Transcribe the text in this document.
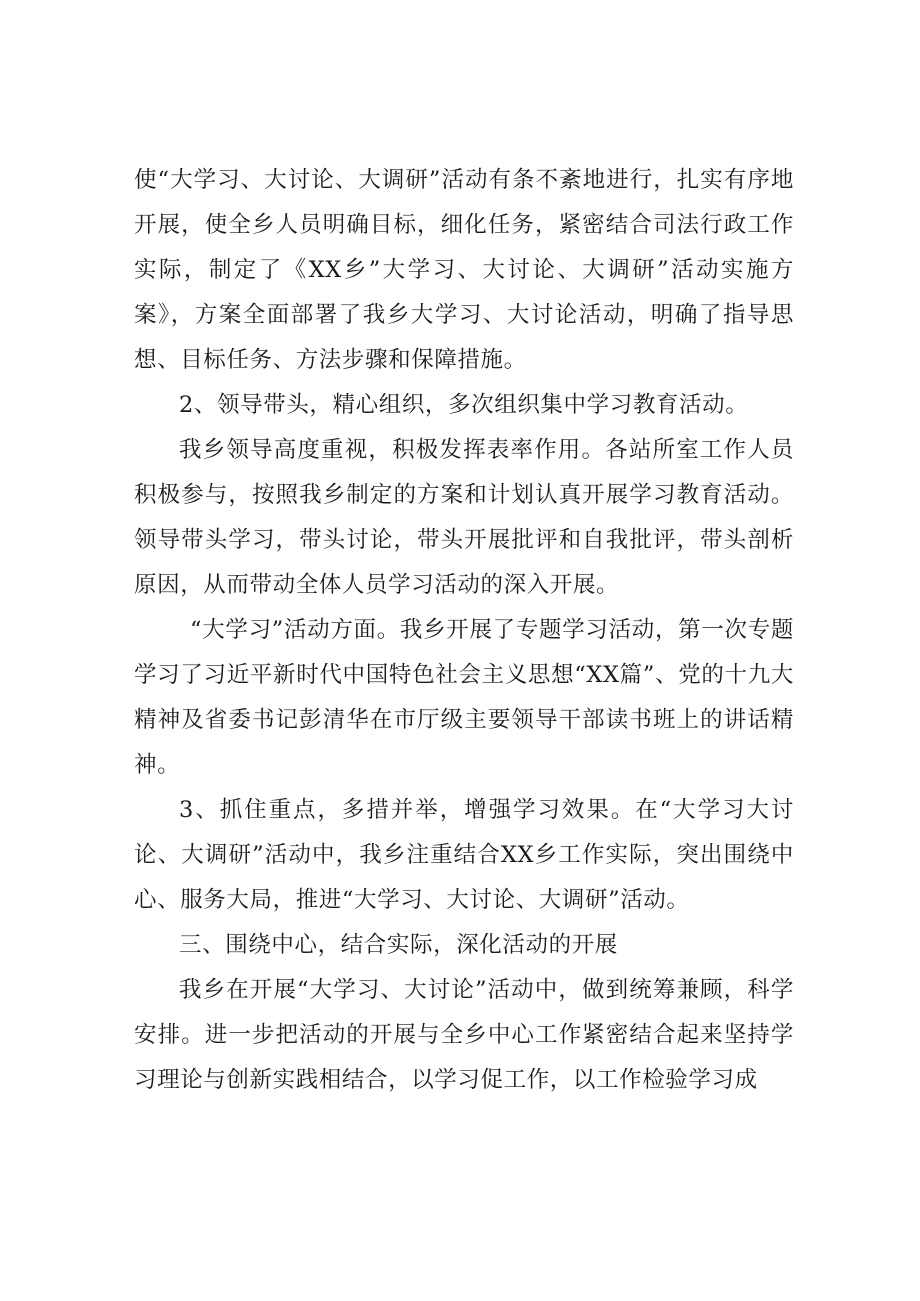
使“大学习、大讨论、大调研”活动有条不紊地进行，扎实有序地开展，使全乡人员明确目标，细化任务，紧密结合司法行政工作实际，制定了《XX乡”大学习、大讨论、大调研”活动实施方案》，方案全面部署了我乡大学习、大讨论活动，明确了指导思想、目标任务、方法步骤和保障措施。

2、领导带头，精心组织，多次组织集中学习教育活动。

我乡领导高度重视，积极发挥表率作用。各站所室工作人员积极参与，按照我乡制定的方案和计划认真开展学习教育活动。领导带头学习，带头讨论，带头开展批评和自我批评，带头剖析原因，从而带动全体人员学习活动的深入开展。

“大学习”活动方面。我乡开展了专题学习活动，第一次专题学习了习近平新时代中国特色社会主义思想“XX篇”、党的十九大精神及省委书记彭清华在市厅级主要领导干部读书班上的讲话精神。

3、抓住重点，多措并举，增强学习效果。在“大学习大讨论、大调研”活动中，我乡注重结合XX乡工作实际，突出围绕中心、服务大局，推进“大学习、大讨论、大调研”活动。

三、围绕中心，结合实际，深化活动的开展

我乡在开展“大学习、大讨论”活动中，做到统筹兼顾，科学安排。进一步把活动的开展与全乡中心工作紧密结合起来坚持学习理论与创新实践相结合，以学习促工作，以工作检验学习成
